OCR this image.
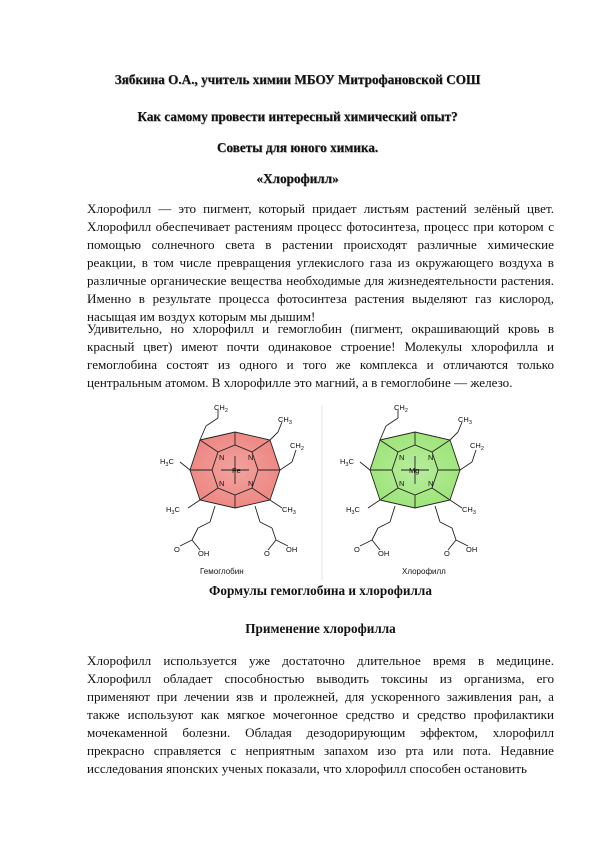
Зябкина О.А., учитель химии МБОУ Митрофановской СОШ
Как самому провести интересный химический опыт?
Советы для юного химика.
«Хлорофилл»

Хлорофилл — это пигмент, который придает листьям растений зелёный цвет. Хлорофилл обеспечивает растениям процесс фотосинтеза, процесс при котором с помощью солнечного света в растении происходят различные химические реакции, в том числе превращения углекислого газа из окружающего воздуха в различные органические вещества необходимые для жизнедеятельности растения. Именно в результате процесса фотосинтеза растения выделяют газ кислород, насыщая им воздух которым мы дышим!

Удивительно, но хлорофилл и гемоглобин (пигмент, окрашивающий кровь в красный цвет) имеют почти одинаковое строение! Молекулы хлорофилла и гемоглобина состоят из одного и того же комплекса и отличаются только центральным атомом. В хлорофилле это магний, а в гемоглобине — железо.

Fe
N
N	N
N
$CH_2$
$CH_3$
$CH_2$
$H_3C$
$H_3C$	$CH_3$
O OH	O OH
Гемоглобин
Mg
N
N	N
N
$CH_2$
$CH_3$
$CH_2$
$H_3C$
$H_3C$	$CH_3$
O OH	O OH
Хлорофилл
Формулы гемоглобина и хлорофилла
Применение хлорофилла

Хлорофилл используется уже достаточно длительное время в медицине. Хлорофилл обладает способностью выводить токсины из организма, его применяют при лечении язв и пролежней, для ускоренного заживления ран, а также используют как мягкое мочегонное средство и средство профилактики мочекаменной болезни. Обладая дезодорирующим эффектом, хлорофилл прекрасно справляется с неприятным запахом изо рта или пота. Недавние исследования японских ученых показали, что хлорофилл способен остановить
